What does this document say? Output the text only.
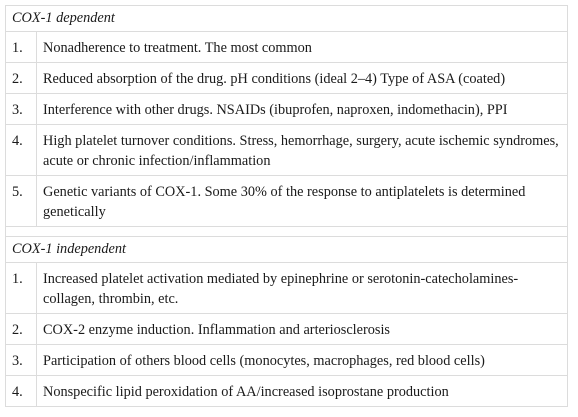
COX-1 dependent	
1.	Nonadherence to treatment. The most common
2.	Reduced absorption of the drug. pH conditions (ideal 2–4) Type of ASA (coated)
3.	Interference with other drugs. NSAIDs (ibuprofen, naproxen, indomethacin), PPI
4.	High platelet turnover conditions. Stress, hemorrhage, surgery, acute ischemic syndromes, acute or chronic infection/inflammation
5.	Genetic variants of COX-1. Some 30% of the response to antiplatelets is determined genetically

COX-1 independent	
1.	Increased platelet activation mediated by epinephrine or serotonin-catecholamines-collagen, thrombin, etc.
2.	COX-2 enzyme induction. Inflammation and arteriosclerosis
3.	Participation of others blood cells (monocytes, macrophages, red blood cells)
4.	Nonspecific lipid peroxidation of AA/increased isoprostane production
